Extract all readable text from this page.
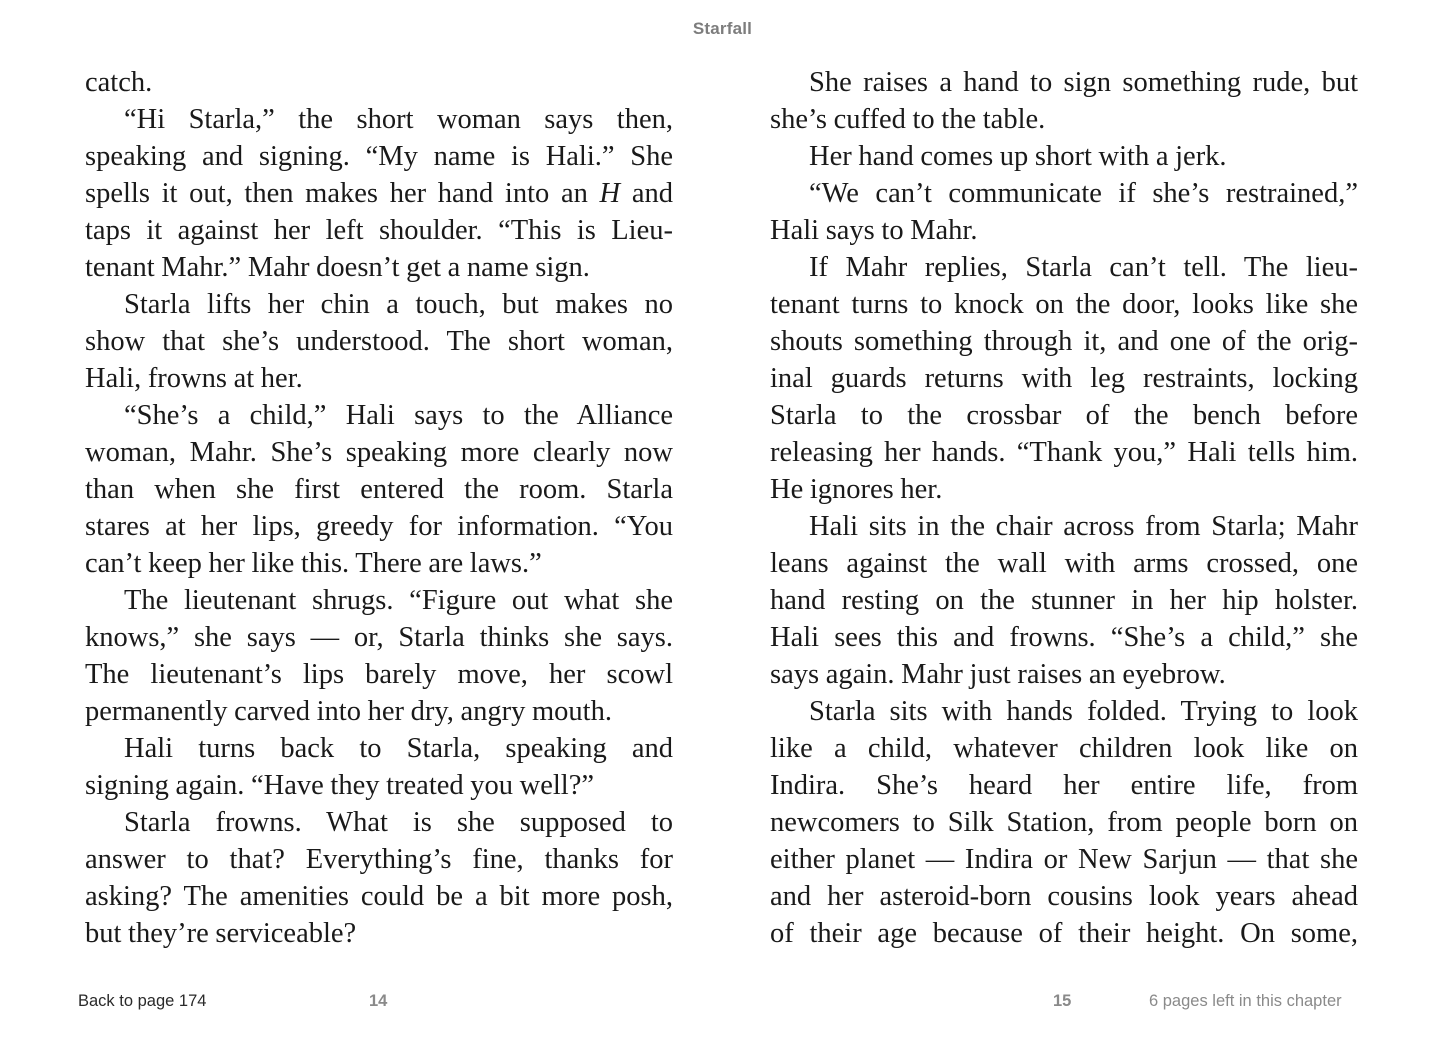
Starfall
catch.
“Hi Starla,” the short woman says then,
speaking and signing. “My name is Hali.” She
spells it out, then makes her hand into an H and
taps it against her left shoulder. “This is Lieu-
tenant Mahr.” Mahr doesn’t get a name sign.
Starla lifts her chin a touch, but makes no
show that she’s understood. The short woman,
Hali, frowns at her.
“She’s a child,” Hali says to the Alliance
woman, Mahr. She’s speaking more clearly now
than when she first entered the room. Starla
stares at her lips, greedy for information. “You
can’t keep her like this. There are laws.”
The lieutenant shrugs. “Figure out what she
knows,” she says — or, Starla thinks she says.
The lieutenant’s lips barely move, her scowl
permanently carved into her dry, angry mouth.
Hali turns back to Starla, speaking and
signing again. “Have they treated you well?”
Starla frowns. What is she supposed to
answer to that? Everything’s fine, thanks for
asking? The amenities could be a bit more posh,
but they’re serviceable?
She raises a hand to sign something rude, but
she’s cuffed to the table.
Her hand comes up short with a jerk.
“We can’t communicate if she’s restrained,”
Hali says to Mahr.
If Mahr replies, Starla can’t tell. The lieu-
tenant turns to knock on the door, looks like she
shouts something through it, and one of the orig-
inal guards returns with leg restraints, locking
Starla to the crossbar of the bench before
releasing her hands. “Thank you,” Hali tells him.
He ignores her.
Hali sits in the chair across from Starla; Mahr
leans against the wall with arms crossed, one
hand resting on the stunner in her hip holster.
Hali sees this and frowns. “She’s a child,” she
says again. Mahr just raises an eyebrow.
Starla sits with hands folded. Trying to look
like a child, whatever children look like on
Indira. She’s heard her entire life, from
newcomers to Silk Station, from people born on
either planet — Indira or New Sarjun — that she
and her asteroid-born cousins look years ahead
of their age because of their height. On some,
Back to page 174	14	15	6 pages left in this chapter
